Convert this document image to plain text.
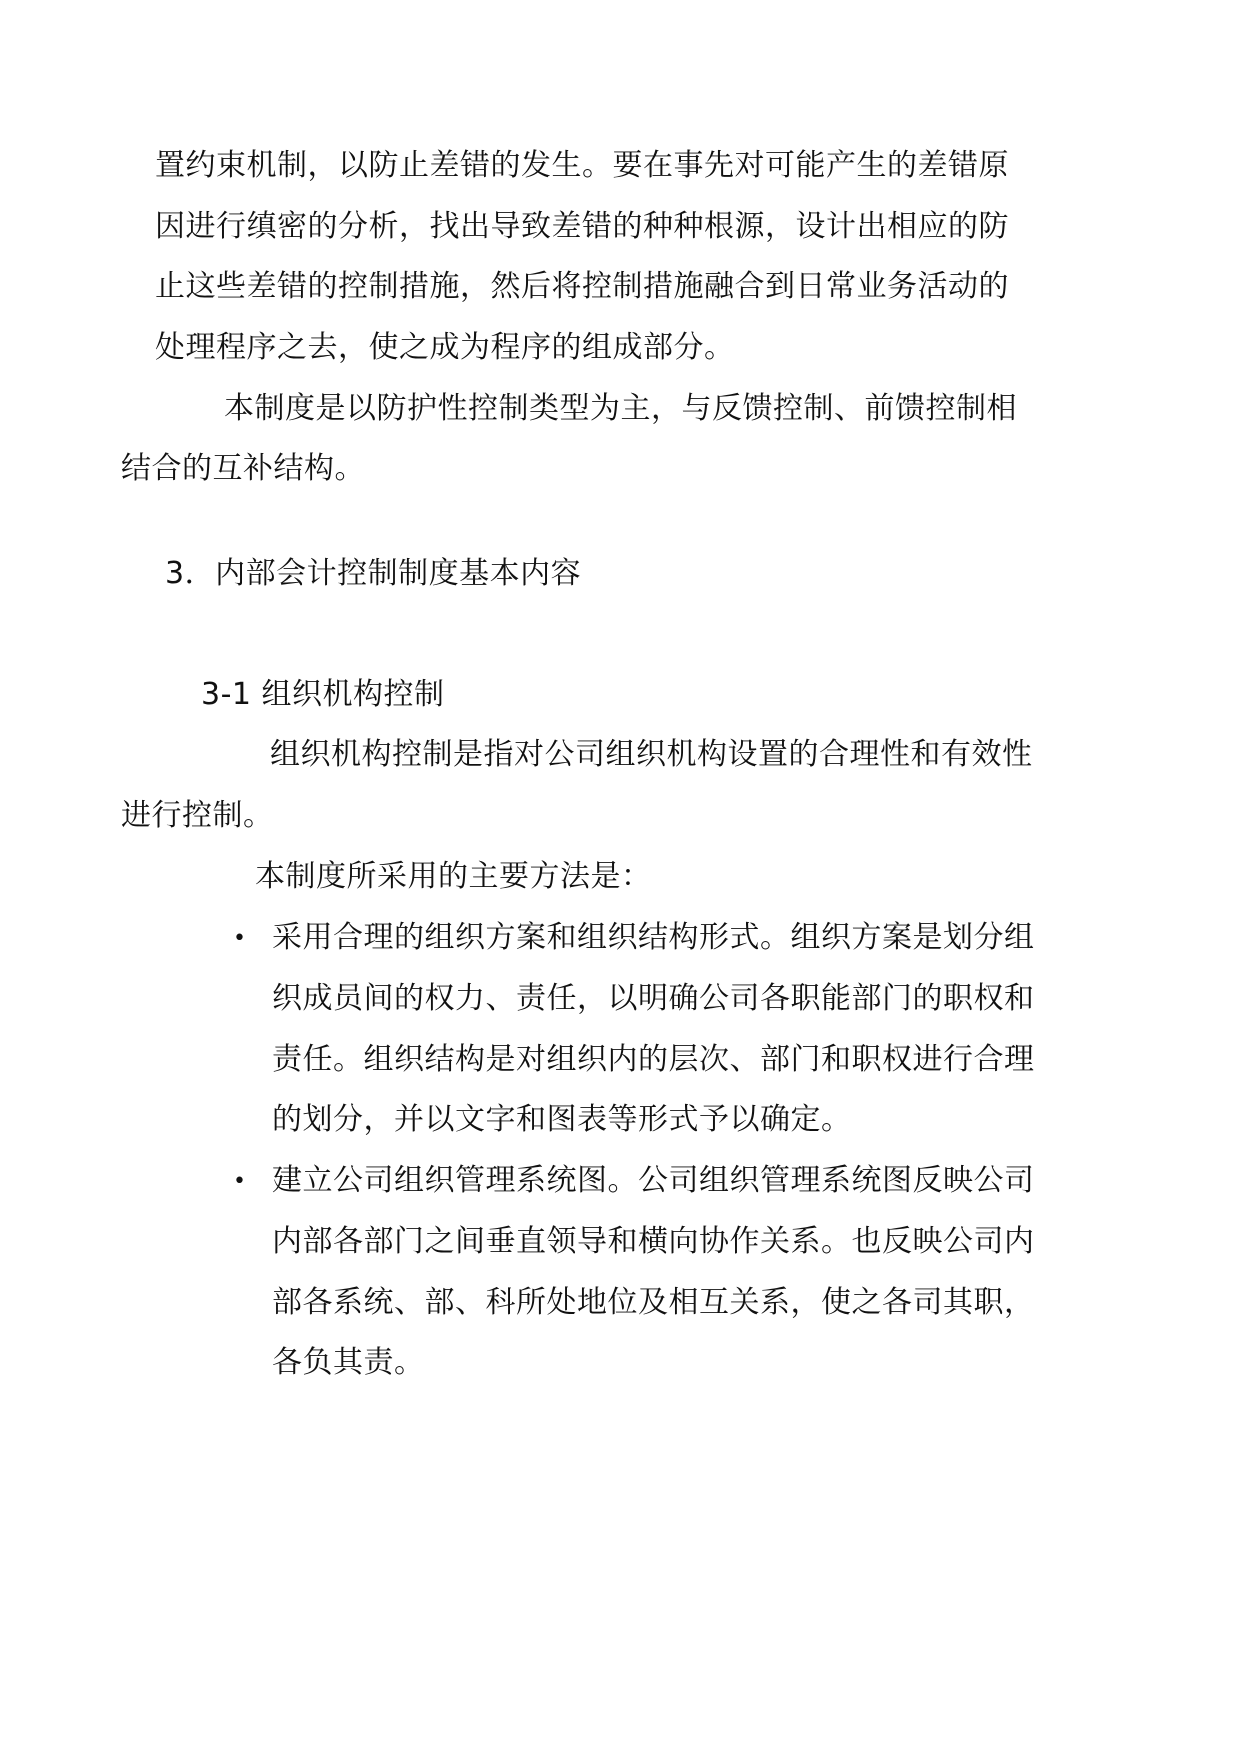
置约束机制，以防止差错的发生。要在事先对可能产生的差错原
因进行缜密的分析，找出导致差错的种种根源，设计出相应的防
止这些差错的控制措施，然后将控制措施融合到日常业务活动的
处理程序之去，使之成为程序的组成部分。
本制度是以防护性控制类型为主，与反馈控制、前馈控制相
结合的互补结构。
3．内部会计控制制度基本内容
3-1 组织机构控制
组织机构控制是指对公司组织机构设置的合理性和有效性
进行控制。
本制度所采用的主要方法是：
• 采用合理的组织方案和组织结构形式。组织方案是划分组
织成员间的权力、责任，以明确公司各职能部门的职权和
责任。组织结构是对组织内的层次、部门和职权进行合理
的划分，并以文字和图表等形式予以确定。
• 建立公司组织管理系统图。公司组织管理系统图反映公司
内部各部门之间垂直领导和横向协作关系。也反映公司内
部各系统、部、科所处地位及相互关系，使之各司其职，
各负其责。
